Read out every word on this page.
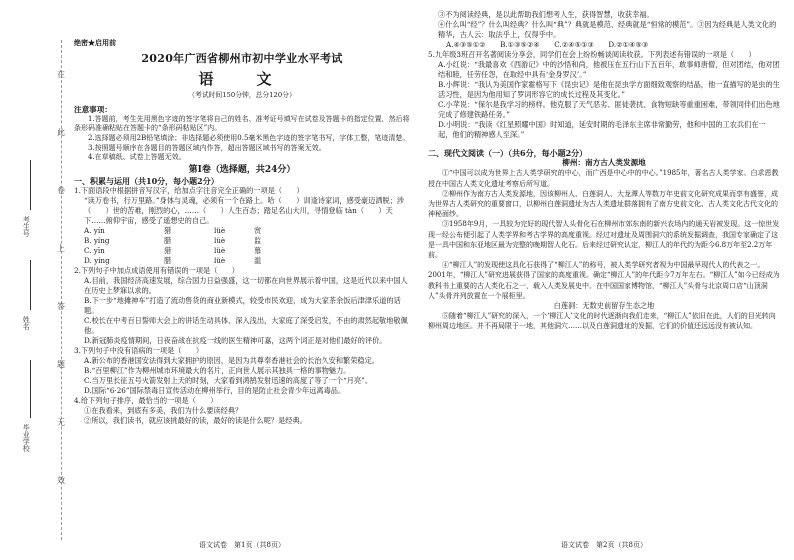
在
此
卷
上
答
题
无
效
考生号
姓名
毕业学校
绝密★启用前
2020年广西省柳州市初中学业水平考试
语　文
（考试时间150分钟，总分120分）
注意事项：
1.答题前，考生先用黑色字迹的签字笔将自己的姓名、准考证号填写在试卷及答题卡的指定位置，然后将条形码准确粘贴在答题卡的“条形码粘贴区”内。
2.选择题必须用2B铅笔填涂；非选择题必须使用0.5毫米黑色字迹的签字笔书写，字体工整，笔迹清楚。
3.按照题号顺序在各题目的答题区域内作答，超出答题区域书写的答案无效。
4.在草稿纸、试卷上答题无效。
第Ⅰ卷（选择题，共24分）
一、积累与运用（共10分，每小题2分）
1.下面语段中根据拼音写汉字，给加点字注音完全正确的一项是（　　）
“读万卷书，行万里路。”身体与灵魂，必须有一个在路上。哈（　　）训逢诗家词，感受豪迈洒脱；涉（　　）世的苦难，刚烈的心，……（　　）人生百态；踏足名山大川，寻情登临 tàn（　　）天下……俯仰宇宙，感受了遥想史的自己。
A. yín	猎	lüè	赏
B. yíng	腊	lüè	监
C. yīn	猎	lüè	慕
D. yíng	腊	lüè	滥
2.下列句子中加点成语使用有错误的一项是（　　）
A.目前，我国经济高速发展，综合国力日益强盛，这一切都在向世界展示着中国，这是近代以来中国人在历史上梦寐以求的。
B.下一步“地摊神车”打造了流动售货的商业新模式，较受市民欢迎，成为大家茶余饭后津津乐道的话题。
C.校长在中考百日誓师大会上的讲话生动具体、深入浅出，大家庭了深受启发，不由的肃然起敬地敬佩他。
D.新冠肺炎疫情期间，日夜奋战在抗疫一线的医生精神可嘉，这两个词正是对他们最好的评价。
3.下列句子中没有语病的一项是（　　）
A.新公布的香港国安法得到大家拥护的原因，是因为共尊奉香港社会的长治久安和繁荣稳定。
B.“百里柳江”作为柳州城市环境最大的名片，正向世人展示其独具一格的事物魅力。
C.当万里长征五号火箭发射上天的时刻，大家看到鸿鹄发射迅速的高度了等了一个“月亮”。
D.国际“6·26”国际禁毒日宣传活动在柳州举行，目的是防止社会青少年远离毒品。
4.给下列句子排序，最恰当的一项是（　　）
①在我看来，到底有多美，我们为什么要读经典？
②所以，我们读书，就应该挑最好的读，最好的读是什么呢？是经典。
语文试卷　第1页（共8页）
③不为阅读经典，是以此帮助我们想考人生，获得智慧，收获幸福。
④什么叫“经”？什么叫经典？什么叫“典”？典就是模范、经典就是“恒常的模范”。③因为经典是人类文化的精华，古人云：取法乎上，仅得乎中。
A.④③⑤①②　　B.①③⑤②④　　C.②④⑤①③　　D.②①④⑤③
5.九年级3班召开名著阅读分享会，同学们在会上纷纷畅谈阅读收获。下列表述有错误的一项是（　　）
A.小红说：“我最喜欢《西游记》中的沙悟和尚，他被压在五行山下五百年，敢事师唐僧，但对团结，他对团结和睦，任劳任怨，在取经中具有‘金身罗汉’。”
B.小辉说：“我认为美国作家霍格写下《昆虫记》是他在昆虫学方面细致观察的结晶，他一直描写的是虫的生活习性，是因为他用知了罗词形容它的成长过程及其变化。”
C.小苹说：“保尔是我学习的榜样。他克服了天气恶劣、匪徒袭扰、食物短缺等重重困难，带领同伴们出色地完成了修建铁路任务。”
D.小明说：“我读《红星照耀中国》时知道，延安时期的毛泽东主席非常勤劳，他和中国的工农兵们在一起，他们的精神感人至深。”
二、现代文阅读（一）（共6分，每小题2分）
柳州：南方古人类发源地
①“中国可以成为世界上古人类学研究的中心，而广西是中心中的中心。”1985年，著名古人类学家、白求恩教授在中国古人类文化遗址考察后所写道。
②柳州作为南方古人类发源地，因该柳州人、白莲洞人、大龙潭人等数万年史前文化研究成果而享有盛誉，成为世界古人类研究的重要窗口，以柳州白莲洞遗址为古人类遗址群落拥有了南方史前文化、古人类文化古代文化的神秘面纱。
③1958年9月，一具较为完好的现代智人头骨化石在柳州市郊东南的新兴农场内的通天岩被发现。这一惊世发现一经公布便引起了人类学界和考古学界的高度重视。经过对遗址及周围洞穴的系统发掘调查，我国专家确定了这是一具中国和东亚地区最为完整的晚期智人化石。后来经过研究认定，柳江人的年代约为距今6.8万年至2.2万年前。
④“柳江人”的发现使这具化石获得了“柳江人”的称号，被人类学研究者视为中国最早现代人的代表之一。2001年，“柳江人”研究进展获得了国家的高度重视。确定“柳江人”的年代距今7万年左右。“柳江人”如今已经成为教科书上重要的古人类化石之一，载入人类发展史中。在中国国家博物馆，“柳江人”头骨与北京周口店“山顶洞人”头骨并列放置在一个展柜里。
白莲洞：无数史前留存生态之地
⑤随着“柳江人”研究的深入，一个‘柳江人’文化的时代逐渐向我们走来，“柳江人”依旧在此，人们的目光转向柳州周边地区。并不再局限于一地，其他洞穴……以及白莲洞遗址的发掘，它们的价值还远远没有被认知。
语文试卷　第2页（共8页）
